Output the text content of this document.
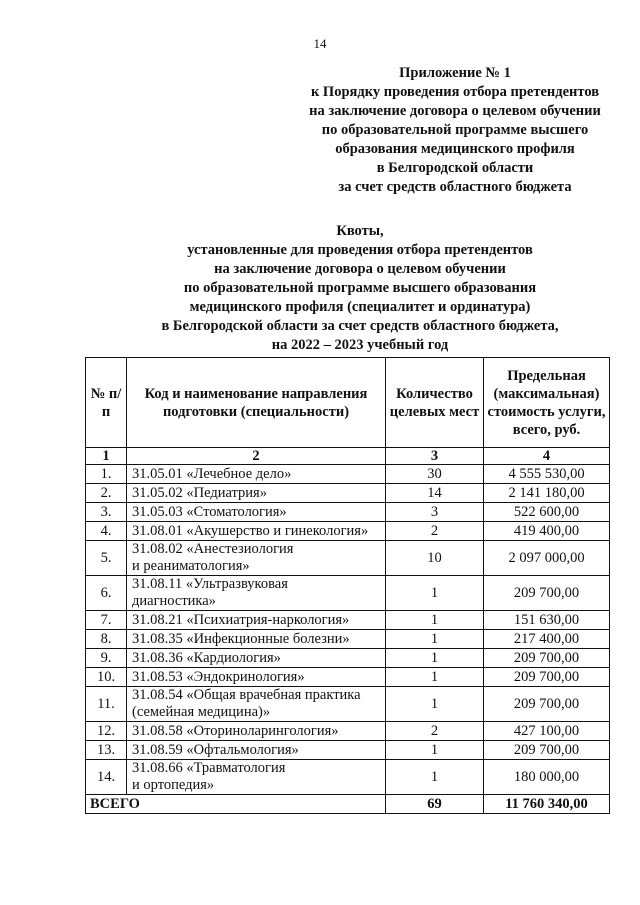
14
Приложение № 1
к Порядку проведения отбора претендентов
на заключение договора о целевом обучении
по образовательной программе высшего
образования медицинского профиля
в Белгородской области
за счет средств областного бюджета
Квоты,
установленные для проведения отбора претендентов
на заключение договора о целевом обучении
по образовательной программе высшего образования
медицинского профиля (специалитет и ординатура)
в Белгородской области за счет средств областного бюджета,
на 2022 – 2023 учебный год
№ п/п	Код и наименование направления подготовки (специальности)	Количество целевых мест	Предельная (максимальная) стоимость услуги, всего, руб.
1	2	3	4
1.	31.05.01 «Лечебное дело»	30	4 555 530,00
2.	31.05.02 «Педиатрия»	14	2 141 180,00
3.	31.05.03 «Стоматология»	3	522 600,00
4.	31.08.01 «Акушерство и гинекология»	2	419 400,00
5.	31.08.02 «Анестезиология
и реаниматология»	10	2 097 000,00
6.	31.08.11 «Ультразвуковая
диагностика»	1	209 700,00
7.	31.08.21 «Психиатрия-наркология»	1	151 630,00
8.	31.08.35 «Инфекционные болезни»	1	217 400,00
9.	31.08.36 «Кардиология»	1	209 700,00
10.	31.08.53 «Эндокринология»	1	209 700,00
11.	31.08.54 «Общая врачебная практика
(семейная медицина)»	1	209 700,00
12.	31.08.58 «Оториноларингология»	2	427 100,00
13.	31.08.59 «Офтальмология»	1	209 700,00
14.	31.08.66 «Травматология
и ортопедия»	1	180 000,00
ВСЕГО		69	11 760 340,00
